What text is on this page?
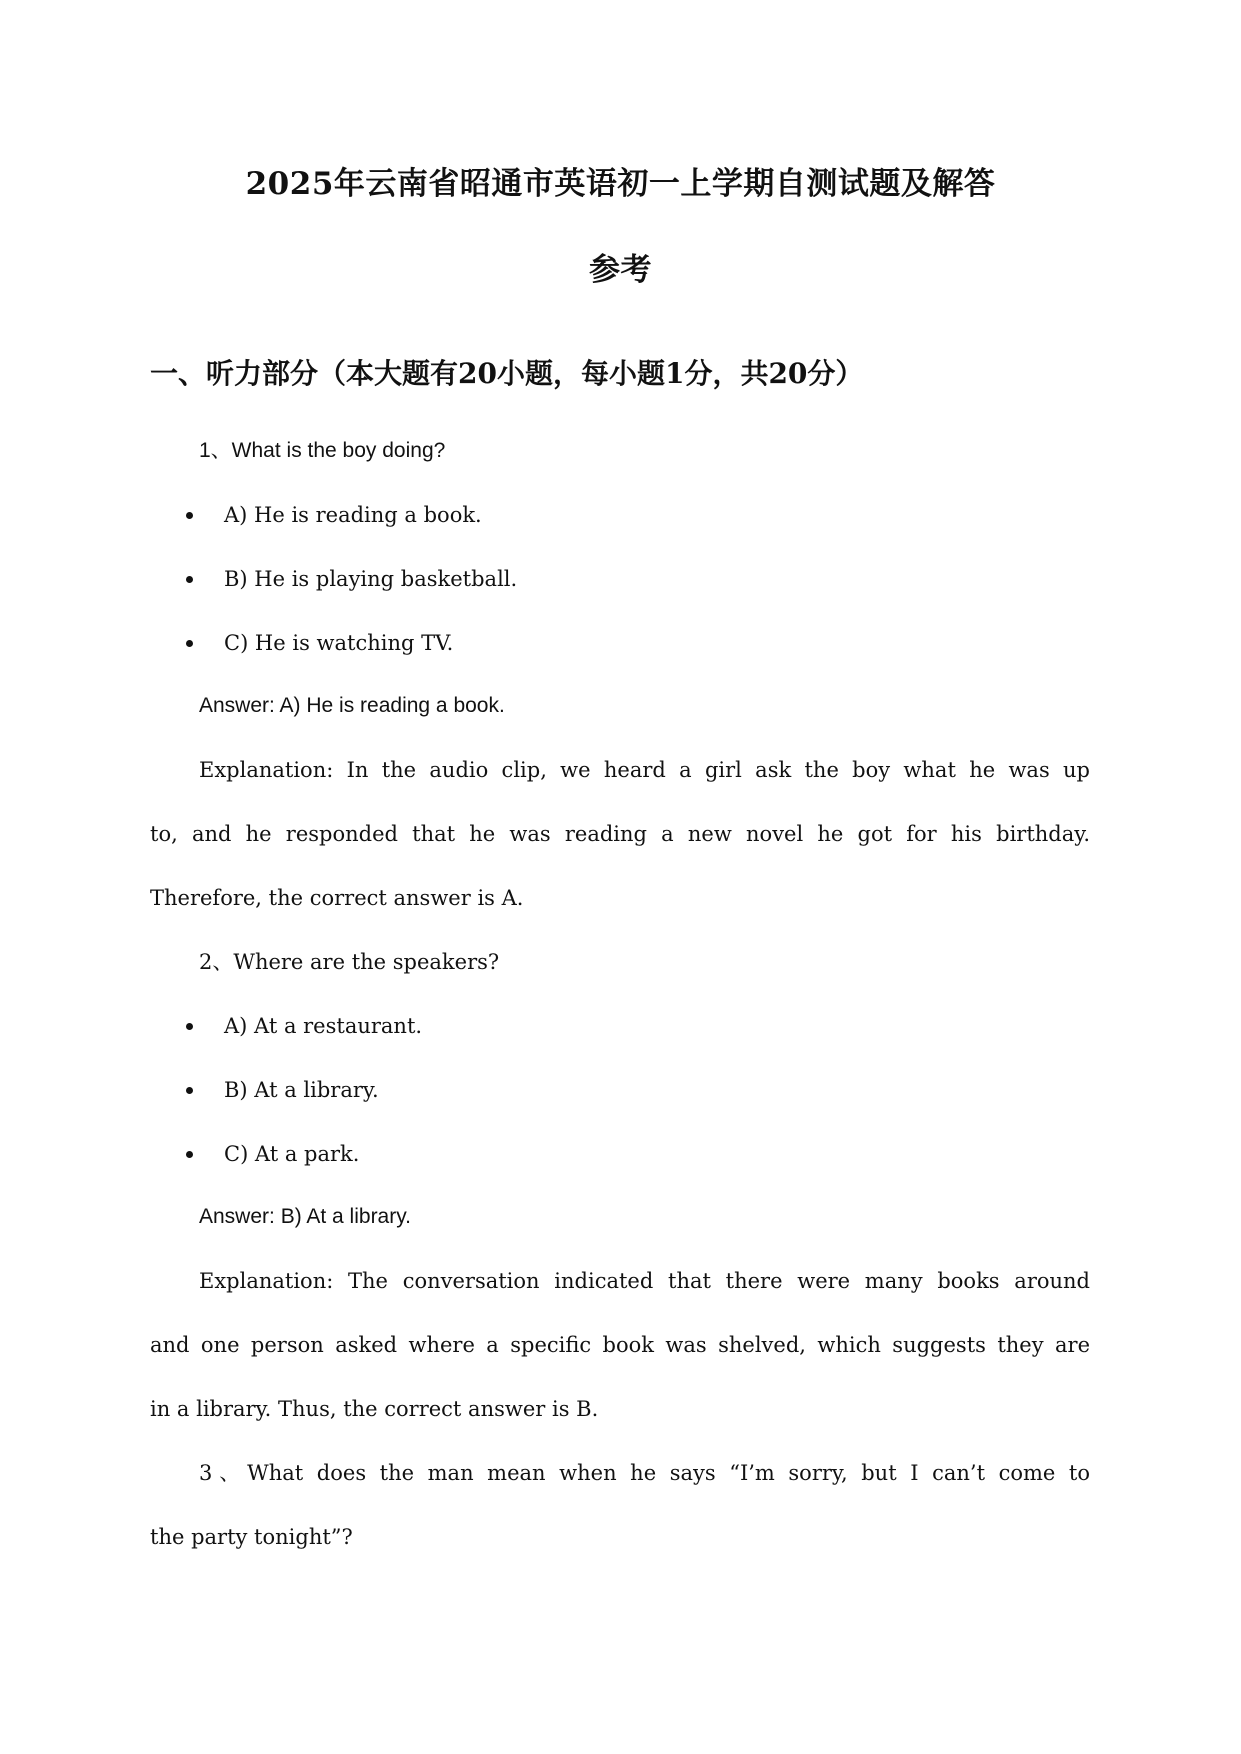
2025年云南省昭通市英语初一上学期自测试题及解答
参考
一、听力部分（本大题有20小题，每小题1分，共20分）
1、What is the boy doing?
A) He is reading a book.
B) He is playing basketball.
C) He is watching TV.
Answer: A) He is reading a book.
Explanation: In the audio clip, we heard a girl ask the boy what he was up
to, and he responded that he was reading a new novel he got for his birthday.
Therefore, the correct answer is A.
2、Where are the speakers?
A) At a restaurant.
B) At a library.
C) At a park.
Answer: B) At a library.
Explanation: The conversation indicated that there were many books around
and one person asked where a specific book was shelved, which suggests they are
in a library. Thus, the correct answer is B.
3、What does the man mean when he says “I’m sorry, but I can’t come to
the party tonight”?
